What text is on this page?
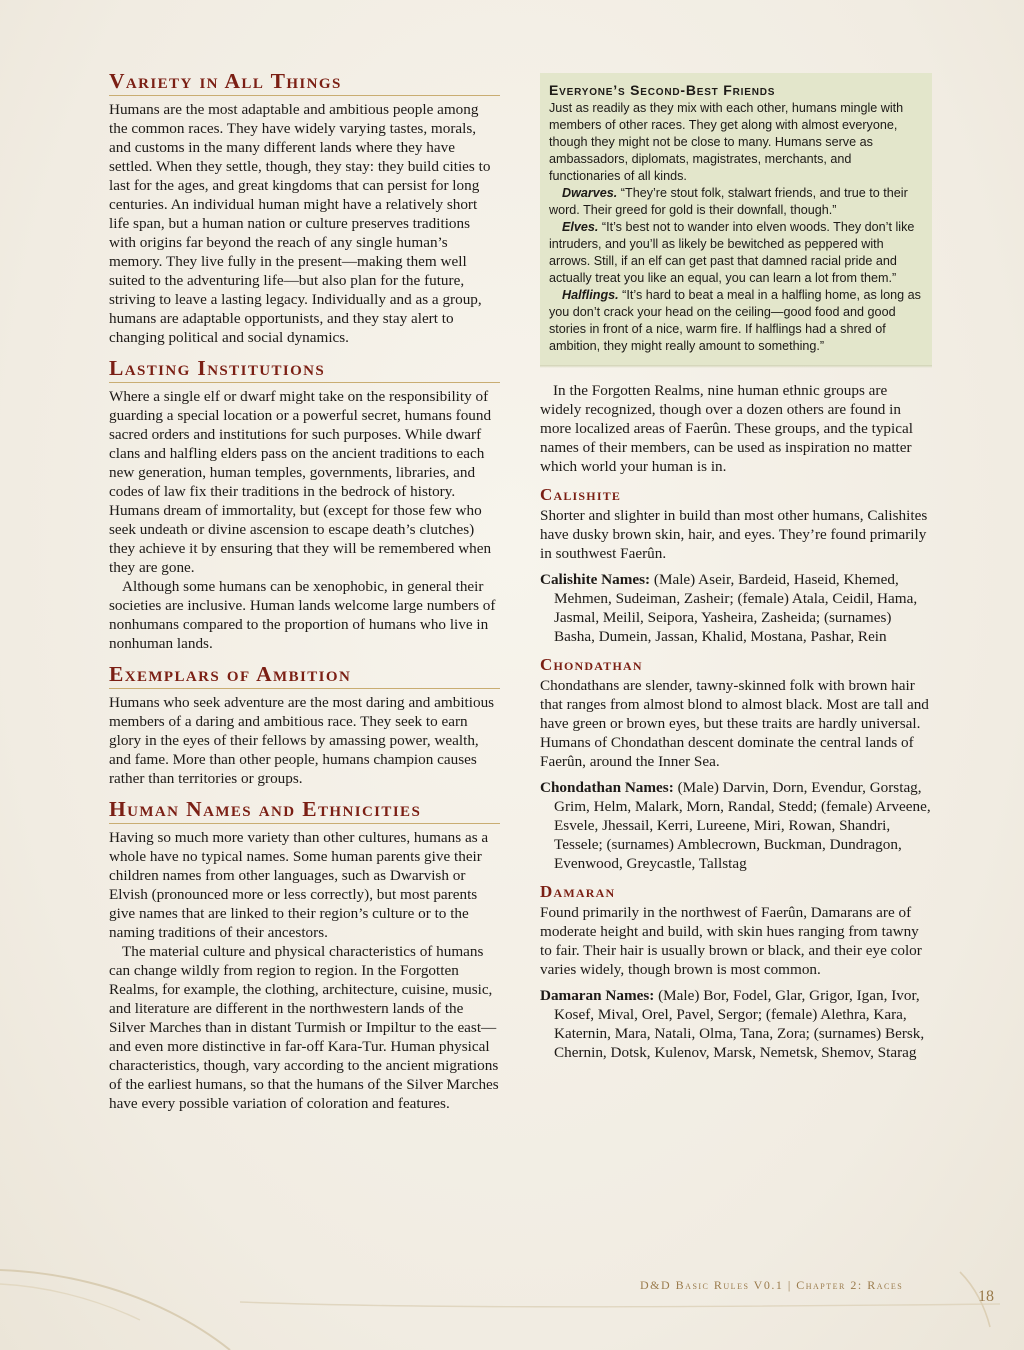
Variety in All Things

Humans are the most adaptable and ambitious people among the common races. They have widely varying tastes, morals, and customs in the many different lands where they have settled. When they settle, though, they stay: they build cities to last for the ages, and great kingdoms that can persist for long centuries. An individual human might have a relatively short life span, but a human nation or culture preserves traditions with origins far beyond the reach of any single human’s memory. They live fully in the present—making them well suited to the adventuring life—but also plan for the future, striving to leave a lasting legacy. Individually and as a group, humans are adaptable opportunists, and they stay alert to changing political and social dynamics.

Lasting Institutions

Where a single elf or dwarf might take on the responsibility of guarding a special location or a powerful secret, humans found sacred orders and institutions for such purposes. While dwarf clans and halfling elders pass on the ancient traditions to each new generation, human temples, governments, libraries, and codes of law fix their traditions in the bedrock of history. Humans dream of immortality, but (except for those few who seek undeath or divine ascension to escape death’s clutches) they achieve it by ensuring that they will be remembered when they are gone.

Although some humans can be xenophobic, in general their societies are inclusive. Human lands welcome large numbers of nonhumans compared to the proportion of humans who live in nonhuman lands.

Exemplars of Ambition

Humans who seek adventure are the most daring and ambitious members of a daring and ambitious race. They seek to earn glory in the eyes of their fellows by amassing power, wealth, and fame. More than other people, humans champion causes rather than territories or groups.

Human Names and Ethnicities

Having so much more variety than other cultures, humans as a whole have no typical names. Some human parents give their children names from other languages, such as Dwarvish or Elvish (pronounced more or less correctly), but most parents give names that are linked to their region’s culture or to the naming traditions of their ancestors.

The material culture and physical characteristics of humans can change wildly from region to region. In the Forgotten Realms, for example, the clothing, architecture, cuisine, music, and literature are different in the northwestern lands of the Silver Marches than in distant Turmish or Impiltur to the east—and even more distinctive in far-off Kara-Tur. Human physical characteristics, though, vary according to the ancient migrations of the earliest humans, so that the humans of the Silver Marches have every possible variation of coloration and features.

Everyone’s Second-Best Friends

Just as readily as they mix with each other, humans mingle with members of other races. They get along with almost everyone, though they might not be close to many. Humans serve as ambassadors, diplomats, magistrates, merchants, and functionaries of all kinds.

Dwarves. “They’re stout folk, stalwart friends, and true to their word. Their greed for gold is their downfall, though.”

Elves. “It’s best not to wander into elven woods. They don’t like intruders, and you’ll as likely be bewitched as peppered with arrows. Still, if an elf can get past that damned racial pride and actually treat you like an equal, you can learn a lot from them.”

Halflings. “It’s hard to beat a meal in a halfling home, as long as you don’t crack your head on the ceiling—good food and good stories in front of a nice, warm fire. If halflings had a shred of ambition, they might really amount to something.”

In the Forgotten Realms, nine human ethnic groups are widely recognized, though over a dozen others are found in more localized areas of Faerûn. These groups, and the typical names of their members, can be used as inspiration no matter which world your human is in.

Calishite

Shorter and slighter in build than most other humans, Calishites have dusky brown skin, hair, and eyes. They’re found primarily in southwest Faerûn.

Calishite Names: (Male) Aseir, Bardeid, Haseid, Khemed, Mehmen, Sudeiman, Zasheir; (female) Atala, Ceidil, Hama, Jasmal, Meilil, Seipora, Yasheira, Zasheida; (surnames) Basha, Dumein, Jassan, Khalid, Mostana, Pashar, Rein

Chondathan

Chondathans are slender, tawny-skinned folk with brown hair that ranges from almost blond to almost black. Most are tall and have green or brown eyes, but these traits are hardly universal. Humans of Chondathan descent dominate the central lands of Faerûn, around the Inner Sea.

Chondathan Names: (Male) Darvin, Dorn, Evendur, Gorstag, Grim, Helm, Malark, Morn, Randal, Stedd; (female) Arveene, Esvele, Jhessail, Kerri, Lureene, Miri, Rowan, Shandri, Tessele; (surnames) Amblecrown, Buckman, Dundragon, Evenwood, Greycastle, Tallstag

Damaran

Found primarily in the northwest of Faerûn, Damarans are of moderate height and build, with skin hues ranging from tawny to fair. Their hair is usually brown or black, and their eye color varies widely, though brown is most common.

Damaran Names: (Male) Bor, Fodel, Glar, Grigor, Igan, Ivor, Kosef, Mival, Orel, Pavel, Sergor; (female) Alethra, Kara, Katernin, Mara, Natali, Olma, Tana, Zora; (surnames) Bersk, Chernin, Dotsk, Kulenov, Marsk, Nemetsk, Shemov, Starag

D&D Basic Rules V0.1 | Chapter 2: Races
18
